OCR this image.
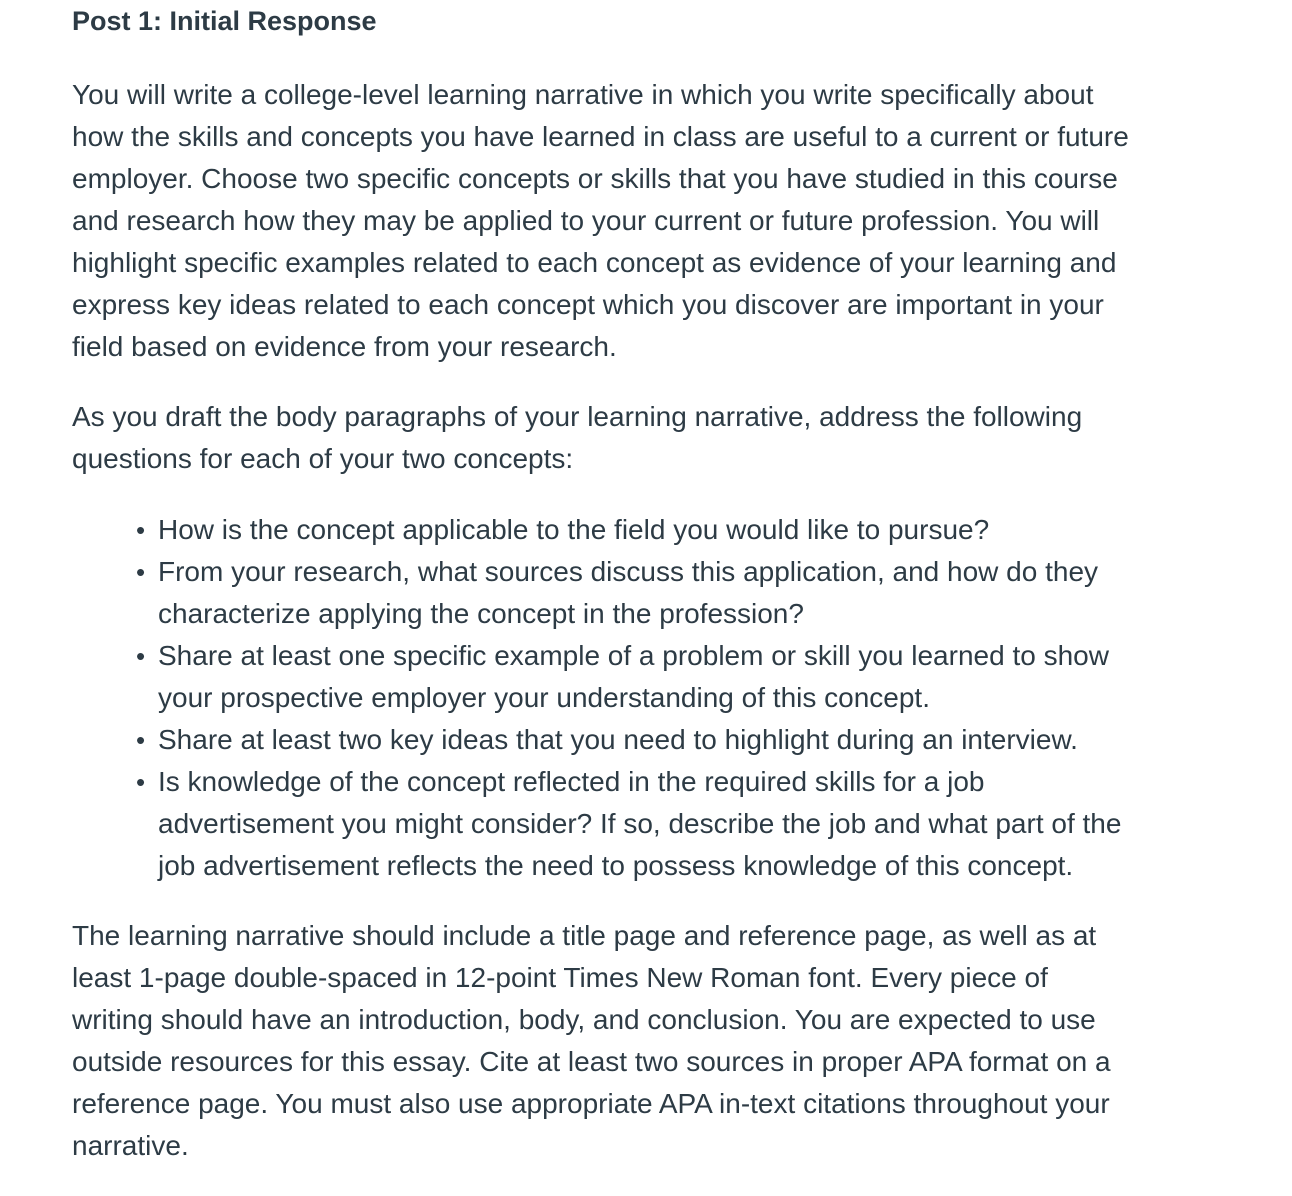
Post 1: Initial Response

You will write a college-level learning narrative in which you write specifically about how the skills and concepts you have learned in class are useful to a current or future employer. Choose two specific concepts or skills that you have studied in this course and research how they may be applied to your current or future profession. You will highlight specific examples related to each concept as evidence of your learning and express key ideas related to each concept which you discover are important in your field based on evidence from your research.

As you draft the body paragraphs of your learning narrative, address the following questions for each of your two concepts:

• How is the concept applicable to the field you would like to pursue?
• From your research, what sources discuss this application, and how do they characterize applying the concept in the profession?
• Share at least one specific example of a problem or skill you learned to show your prospective employer your understanding of this concept.
• Share at least two key ideas that you need to highlight during an interview.
• Is knowledge of the concept reflected in the required skills for a job advertisement you might consider? If so, describe the job and what part of the job advertisement reflects the need to possess knowledge of this concept.

The learning narrative should include a title page and reference page, as well as at least 1-page double-spaced in 12-point Times New Roman font. Every piece of writing should have an introduction, body, and conclusion. You are expected to use outside resources for this essay. Cite at least two sources in proper APA format on a reference page. You must also use appropriate APA in-text citations throughout your narrative.
